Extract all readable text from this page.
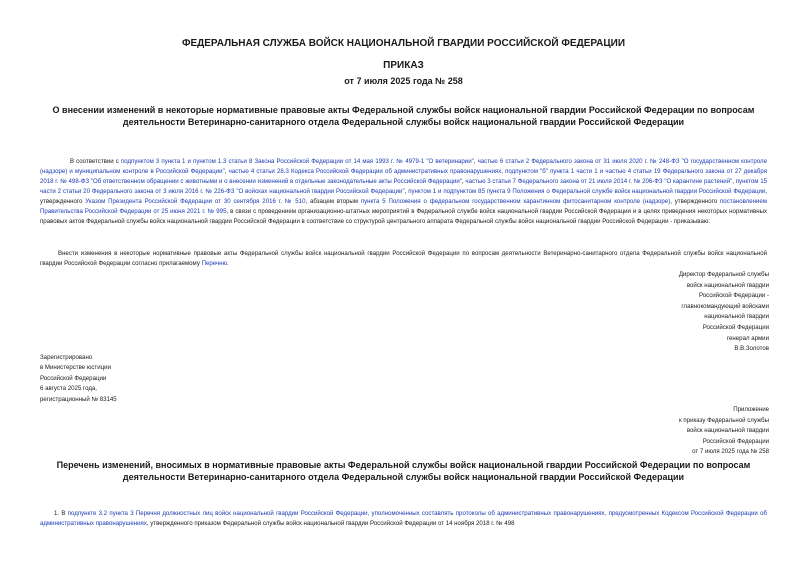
ФЕДЕРАЛЬНАЯ СЛУЖБА ВОЙСК НАЦИОНАЛЬНОЙ ГВАРДИИ РОССИЙСКОЙ ФЕДЕРАЦИИ
ПРИКАЗ
от 7 июля 2025 года № 258
О внесении изменений в некоторые нормативные правовые акты Федеральной службы войск национальной гвардии Российской Федерации по вопросам
деятельности Ветеринарно-санитарного отдела Федеральной службы войск национальной гвардии Российской Федерации
В соответствии с подпунктом 3 пункта 1 и пунктом 1.3 статьи 8 Закона Российской Федерации от 14 мая 1993 г. № 4979-1 "О ветеринарии", частью 6 статьи 2 Федерального закона от 31 июля 2020 г. № 248-ФЗ "О государственном контроле (надзоре) и муниципальном контроле в Российской Федерации", частью 4 статьи 28.3 Кодекса Российской Федерации об административных правонарушениях, подпунктом "б" пункта 1 части 1 и частью 4 статьи 19 Федерального закона от 27 декабря 2018 г. № 498-ФЗ "Об ответственном обращении с животными и о внесении изменений в отдельные законодательные акты Российской Федерации", частью 3 статьи 7 Федерального закона от 21 июля 2014 г. № 206-ФЗ "О карантине растений", пунктом 15 части 2 статьи 20 Федерального закона от 3 июля 2016 г. № 226-ФЗ "О войсках национальной гвардии Российской Федерации", пунктом 1 и подпунктом 85 пункта 9 Положения о Федеральной службе войск национальной гвардии Российской Федерации, утвержденного Указом Президента Российской Федерации от 30 сентября 2016 г. № 510, абзацем вторым пункта 5 Положения о федеральном государственном карантинном фитосанитарном контроле (надзоре), утвержденного постановлением Правительства Российской Федерации от 25 июня 2021 г. № 995, в связи с проведением организационно-штатных мероприятий в Федеральной службе войск национальной гвардии Российской Федерации и в целях приведения некоторых нормативных правовых актов Федеральной службы войск национальной гвардии Российской Федерации в соответствие со структурой центрального аппарата Федеральной службы войск национальной гвардии Российской Федерации - приказываю:
Внести изменения в некоторые нормативные правовые акты Федеральной службы войск национальной гвардии Российской Федерации по вопросам деятельности Ветеринарно-санитарного отдела Федеральной службы войск национальной гвардии Российской Федерации согласно прилагаемому Перечню.
Директор Федеральной службы
войск национальной гвардии
Российской Федерации -
главнокомандующий войсками
национальной гвардии
Российской Федерации
генерал армии
В.В.Золотов
Зарегистрировано
в Министерстве юстиции
Российской Федерации
6 августа 2025 года,
регистрационный № 83145
Приложение
к приказу Федеральной службы
войск национальной гвардии
Российской Федерации
от 7 июля 2025 года № 258
Перечень изменений, вносимых в нормативные правовые акты Федеральной службы войск национальной гвардии Российской Федерации по вопросам
деятельности Ветеринарно-санитарного отдела Федеральной службы войск национальной гвардии Российской Федерации
1. В подпункте 3.2 пункта 3 Перечня должностных лиц войск национальной гвардии Российской Федерации, уполномоченных составлять протоколы об административных правонарушениях, предусмотренных Кодексом Российской Федерации об административных правонарушениях, утвержденного приказом Федеральной службы войск национальной гвардии Российской Федерации от 14 ноября 2018 г. № 498
